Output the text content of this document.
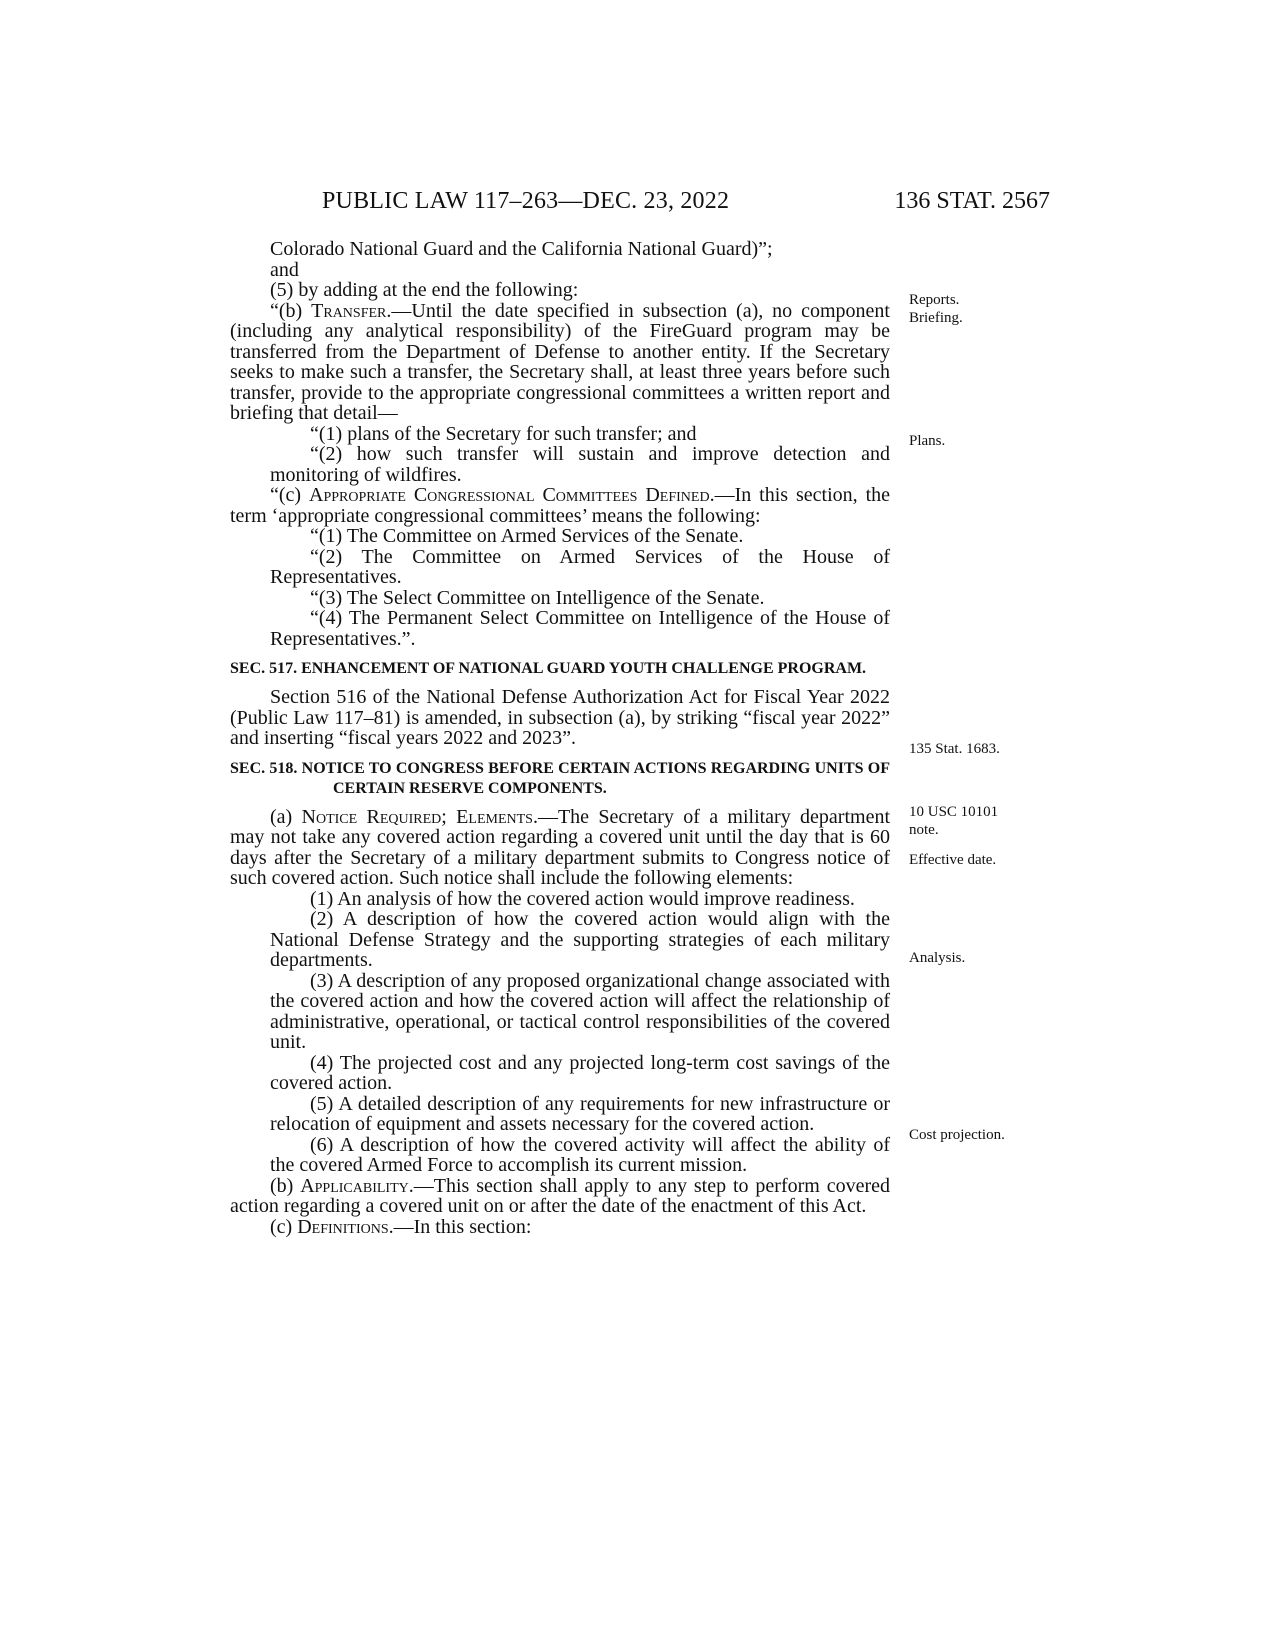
PUBLIC LAW 117–263—DEC. 23, 2022	136 STAT. 2567

Colorado National Guard and the California National Guard)”;

and

(5) by adding at the end the following:

“(b) Transfer.—Until the date specified in subsection (a), no component (including any analytical responsibility) of the FireGuard program may be transferred from the Department of Defense to another entity. If the Secretary seeks to make such a transfer, the Secretary shall, at least three years before such transfer, provide to the appropriate congressional committees a written report and briefing that detail—

“(1) plans of the Secretary for such transfer; and

“(2) how such transfer will sustain and improve detection and monitoring of wildfires.

“(c) Appropriate Congressional Committees Defined.—In this section, the term ‘appropriate congressional committees’ means the following:

“(1) The Committee on Armed Services of the Senate.

“(2) The Committee on Armed Services of the House of Representatives.

“(3) The Select Committee on Intelligence of the Senate.

“(4) The Permanent Select Committee on Intelligence of the House of Representatives.”.

SEC. 517. ENHANCEMENT OF NATIONAL GUARD YOUTH CHALLENGE PROGRAM.

Section 516 of the National Defense Authorization Act for Fiscal Year 2022 (Public Law 117–81) is amended, in subsection (a), by striking “fiscal year 2022” and inserting “fiscal years 2022 and 2023”.

SEC. 518. NOTICE TO CONGRESS BEFORE CERTAIN ACTIONS REGARDING UNITS OF CERTAIN RESERVE COMPONENTS.

(a) Notice Required; Elements.—The Secretary of a military department may not take any covered action regarding a covered unit until the day that is 60 days after the Secretary of a military department submits to Congress notice of such covered action. Such notice shall include the following elements:

(1) An analysis of how the covered action would improve readiness.

(2) A description of how the covered action would align with the National Defense Strategy and the supporting strategies of each military departments.

(3) A description of any proposed organizational change associated with the covered action and how the covered action will affect the relationship of administrative, operational, or tactical control responsibilities of the covered unit.

(4) The projected cost and any projected long-term cost savings of the covered action.

(5) A detailed description of any requirements for new infrastructure or relocation of equipment and assets necessary for the covered action.

(6) A description of how the covered activity will affect the ability of the covered Armed Force to accomplish its current mission.

(b) Applicability.—This section shall apply to any step to perform covered action regarding a covered unit on or after the date of the enactment of this Act.

(c) Definitions.—In this section:

Reports.
Briefing.
Plans.
135 Stat. 1683.
10 USC 10101
note.
Effective date.
Analysis.
Cost projection.
